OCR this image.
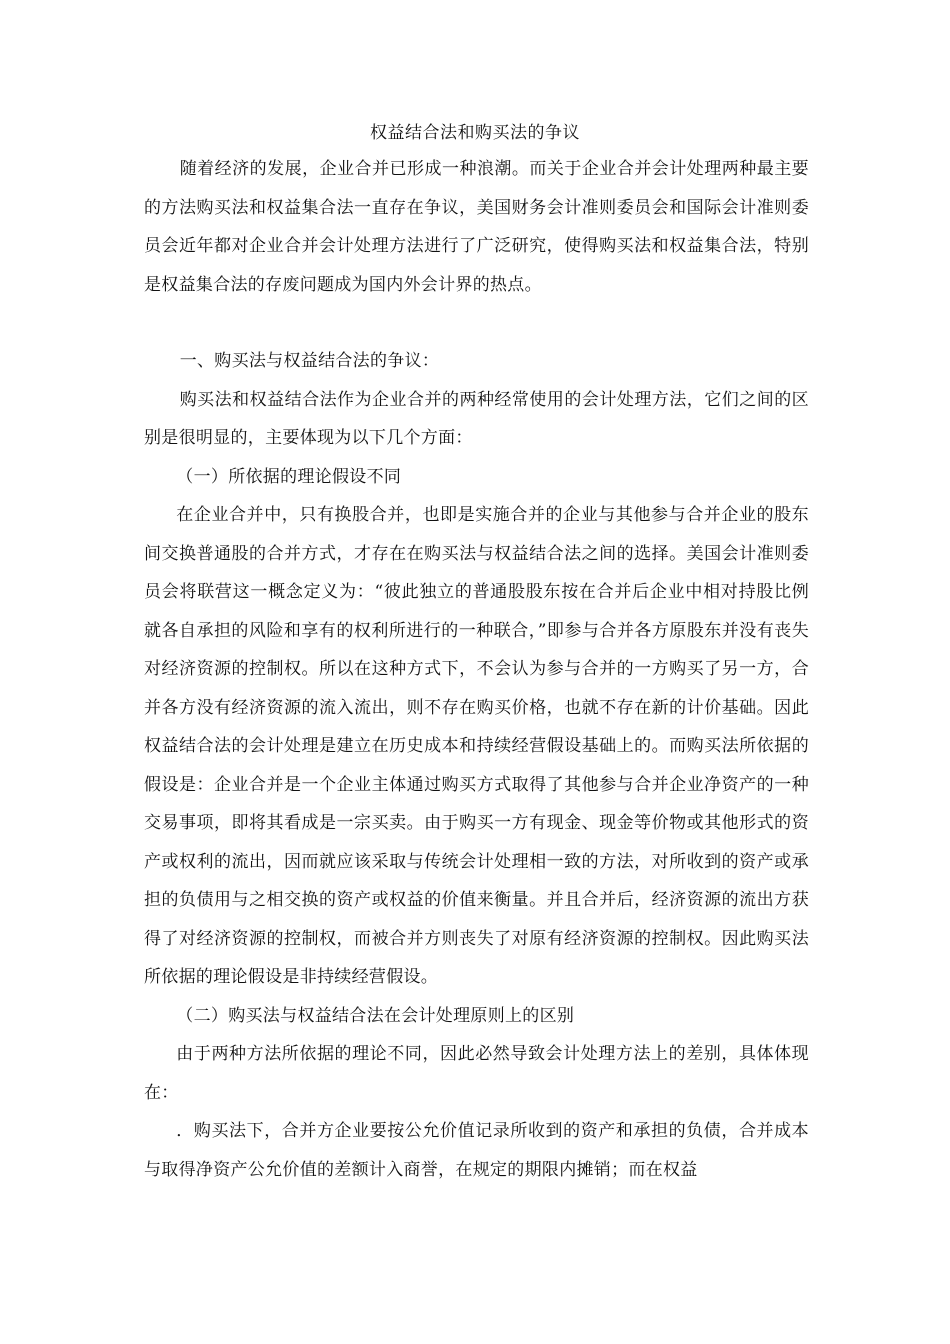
权益结合法和购买法的争议

随着经济的发展，企业合并已形成一种浪潮。而关于企业合并会计处理两种最主要的方法购买法和权益集合法一直存在争议，美国财务会计准则委员会和国际会计准则委员会近年都对企业合并会计处理方法进行了广泛研究，使得购买法和权益集合法，特别是权益集合法的存废问题成为国内外会计界的热点。

一、购买法与权益结合法的争议：

购买法和权益结合法作为企业合并的两种经常使用的会计处理方法，它们之间的区别是很明显的，主要体现为以下几个方面：

（一）所依据的理论假设不同

在企业合并中，只有换股合并，也即是实施合并的企业与其他参与合并企业的股东间交换普通股的合并方式，才存在在购买法与权益结合法之间的选择。美国会计准则委员会将联营这一概念定义为：“彼此独立的普通股股东按在合并后企业中相对持股比例就各自承担的风险和享有的权利所进行的一种联合，”即参与合并各方原股东并没有丧失对经济资源的控制权。所以在这种方式下，不会认为参与合并的一方购买了另一方，合并各方没有经济资源的流入流出，则不存在购买价格，也就不存在新的计价基础。因此权益结合法的会计处理是建立在历史成本和持续经营假设基础上的。而购买法所依据的假设是：企业合并是一个企业主体通过购买方式取得了其他参与合并企业净资产的一种交易事项，即将其看成是一宗买卖。由于购买一方有现金、现金等价物或其他形式的资产或权利的流出，因而就应该采取与传统会计处理相一致的方法，对所收到的资产或承担的负债用与之相交换的资产或权益的价值来衡量。并且合并后，经济资源的流出方获得了对经济资源的控制权，而被合并方则丧失了对原有经济资源的控制权。因此购买法所依据的理论假设是非持续经营假设。

（二）购买法与权益结合法在会计处理原则上的区别

由于两种方法所依据的理论不同，因此必然导致会计处理方法上的差别，具体体现在：

．购买法下，合并方企业要按公允价值记录所收到的资产和承担的负债，合并成本与取得净资产公允价值的差额计入商誉，在规定的期限内摊销；而在权益
